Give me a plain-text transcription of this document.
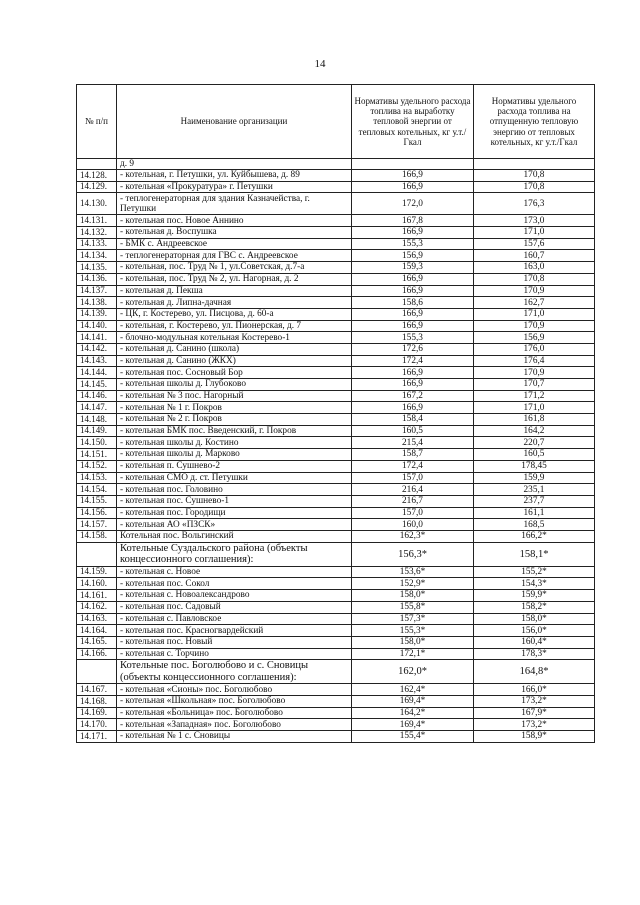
14
№ п/п	Наименование организации	Нормативы удельного расхода топлива на выработку тепловой энергии от тепловых котельных, кг у.т./Гкал	Нормативы удельного расхода топлива на отпущенную тепловую энергию от тепловых котельных, кг у.т./Гкал
	д. 9		
14.128.	- котельная, г. Петушки, ул. Куйбышева, д. 89	166,9	170,8
14.129.	- котельная «Прокуратура» г. Петушки	166,9	170,8
14.130.	- теплогенераторная для здания Казначейства, г. Петушки	172,0	176,3
14.131.	- котельная пос. Новое Аннино	167,8	173,0
14.132.	- котельная д. Воспушка	166,9	171,0
14.133.	- БМК с. Андреевское	155,3	157,6
14.134.	- теплогенераторная для ГВС с. Андреевское	156,9	160,7
14.135.	- котельная, пос. Труд № 1, ул.Советская, д.7-а	159,3	163,0
14.136.	- котельная, пос. Труд № 2, ул. Нагорная, д. 2	166,9	170,8
14.137.	- котельная д. Пекша	166,9	170,9
14.138.	- котельная д. Липна-дачная	158,6	162,7
14.139.	- ЦК, г. Костерево, ул. Писцова, д. 60-а	166,9	171,0
14.140.	- котельная, г. Костерево, ул. Пионерская, д. 7	166,9	170,9
14.141.	- блочно-модульная котельная Костерево-1	155,3	156,9
14.142.	- котельная д. Санино (школа)	172,6	176,0
14.143.	- котельная д. Санино (ЖКХ)	172,4	176,4
14.144.	- котельная пос. Сосновый Бор	166,9	170,9
14.145.	- котельная школы д. Глубоково	166,9	170,7
14.146.	- котельная № 3 пос. Нагорный	167,2	171,2
14.147.	- котельная № 1 г. Покров	166,9	171,0
14.148.	- котельная № 2 г. Покров	158,4	161,8
14.149.	- котельная БМК пос. Введенский, г. Покров	160,5	164,2
14.150.	- котельная школы д. Костино	215,4	220,7
14.151.	- котельная школы д. Марково	158,7	160,5
14.152.	- котельная п. Сушнево-2	172,4	178,45
14.153.	- котельная СМО д. ст. Петушки	157,0	159,9
14.154.	- котельная пос. Головино	216,4	235,1
14.155.	- котельная пос. Сушнево-1	216,7	237,7
14.156.	- котельная пос. Городищи	157,0	161,1
14.157.	- котельная АО «ПЗСК»	160,0	168,5
14.158.	Котельная пос. Вольгинский	162,3*	166,2*
	Котельные Суздальского района (объекты концессионного соглашения):	156,3*	158,1*
14.159.	- котельная с. Новое	153,6*	155,2*
14.160.	- котельная пос. Сокол	152,9*	154,3*
14.161.	- котельная с. Новоалександрово	158,0*	159,9*
14.162.	- котельная пос. Садовый	155,8*	158,2*
14.163.	- котельная с. Павловское	157,3*	158,0*
14.164.	- котельная пос. Красногвардейский	155,3*	156,0*
14.165.	- котельная пос. Новый	158,0*	160,4*
14.166.	- котельная с. Торчино	172,1*	178,3*
	Котельные пос. Боголюбово и с. Сновицы (объекты концессионного соглашения):	162,0*	164,8*
14.167.	- котельная «Сионы» пос. Боголюбово	162,4*	166,0*
14.168.	- котельная «Школьная» пос. Боголюбово	169,4*	173,2*
14.169.	- котельная «Больница» пос. Боголюбово	164,2*	167,9*
14.170.	- котельная «Западная» пос. Боголюбово	169,4*	173,2*
14.171.	- котельная № 1 с. Сновицы	155,4*	158,9*
